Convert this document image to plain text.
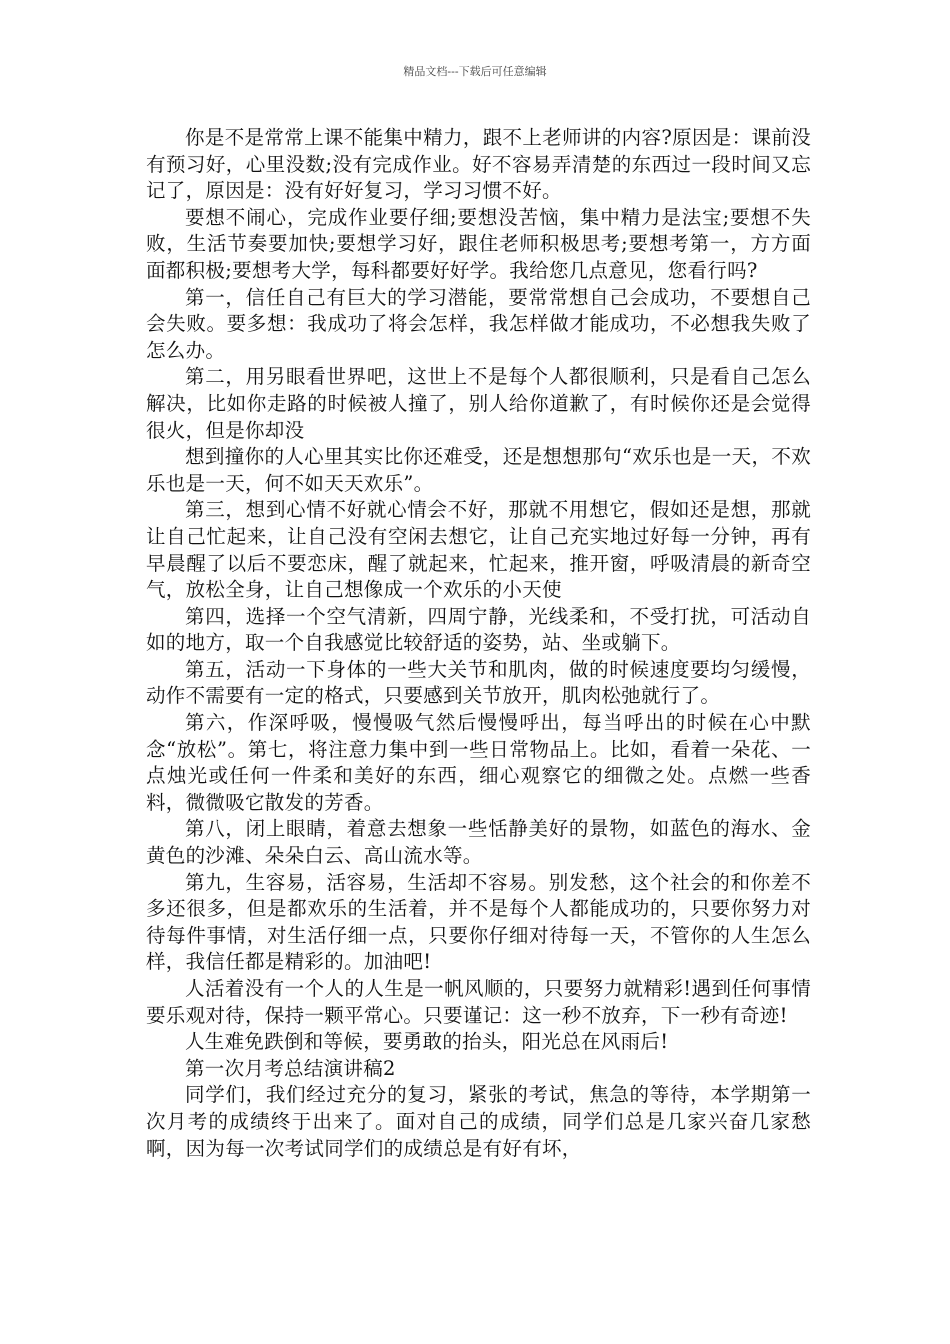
精品文档---下载后可任意编辑

你是不是常常上课不能集中精力，跟不上老师讲的内容?原因是：课前没有预习好，心里没数;没有完成作业。好不容易弄清楚的东西过一段时间又忘记了，原因是：没有好好复习，学习习惯不好。

要想不闹心，完成作业要仔细;要想没苦恼，集中精力是法宝;要想不失败，生活节奏要加快;要想学习好，跟住老师积极思考;要想考第一，方方面面都积极;要想考大学，每科都要好好学。我给您几点意见，您看行吗?

第一，信任自己有巨大的学习潜能，要常常想自己会成功，不要想自己会失败。要多想：我成功了将会怎样，我怎样做才能成功，不必想我失败了怎么办。

第二，用另眼看世界吧，这世上不是每个人都很顺利，只是看自己怎么解决，比如你走路的时候被人撞了，别人给你道歉了，有时候你还是会觉得很火，但是你却没

想到撞你的人心里其实比你还难受，还是想想那句“欢乐也是一天，不欢乐也是一天，何不如天天欢乐”。

第三，想到心情不好就心情会不好，那就不用想它，假如还是想，那就让自己忙起来，让自己没有空闲去想它，让自己充实地过好每一分钟，再有早晨醒了以后不要恋床，醒了就起来，忙起来，推开窗，呼吸清晨的新奇空气，放松全身，让自己想像成一个欢乐的小天使

第四，选择一个空气清新，四周宁静，光线柔和，不受打扰，可活动自如的地方，取一个自我感觉比较舒适的姿势，站、坐或躺下。

第五，活动一下身体的一些大关节和肌肉，做的时候速度要均匀缓慢，动作不需要有一定的格式，只要感到关节放开，肌肉松弛就行了。

第六，作深呼吸，慢慢吸气然后慢慢呼出，每当呼出的时候在心中默念“放松”。第七，将注意力集中到一些日常物品上。比如，看着一朵花、一点烛光或任何一件柔和美好的东西，细心观察它的细微之处。点燃一些香料，微微吸它散发的芳香。

第八，闭上眼睛，着意去想象一些恬静美好的景物，如蓝色的海水、金黄色的沙滩、朵朵白云、高山流水等。

第九，生容易，活容易，生活却不容易。别发愁，这个社会的和你差不多还很多，但是都欢乐的生活着，并不是每个人都能成功的，只要你努力对待每件事情，对生活仔细一点，只要你仔细对待每一天，不管你的人生怎么样，我信任都是精彩的。加油吧!

人活着没有一个人的人生是一帆风顺的，只要努力就精彩!遇到任何事情要乐观对待，保持一颗平常心。只要谨记：这一秒不放弃，下一秒有奇迹!

人生难免跌倒和等候，要勇敢的抬头，阳光总在风雨后!

第一次月考总结演讲稿2

同学们，我们经过充分的复习，紧张的考试，焦急的等待，本学期第一次月考的成绩终于出来了。面对自己的成绩，同学们总是几家兴奋几家愁啊，因为每一次考试同学们的成绩总是有好有坏，
